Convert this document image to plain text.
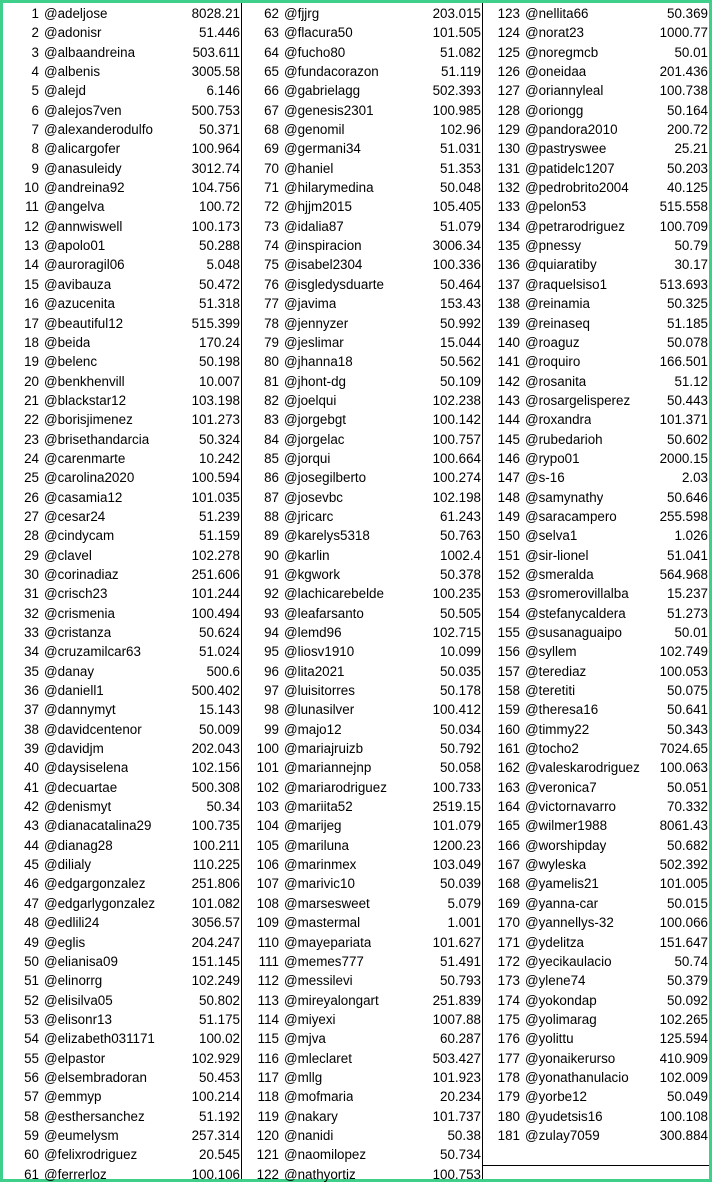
1 @adeljose	8028.21
2 @adonisr	51.446
3 @albaandreina	503.611
4 @albenis	3005.58
5 @alejd	6.146
6 @alejos7ven	500.753
7 @alexanderodulfo	50.371
8 @alicargofer	100.964
9 @anasuleidy	3012.74
10 @andreina92	104.756
11 @angelva	100.72
12 @annwiswell	100.173
13 @apolo01	50.288
14 @auroragil06	5.048
15 @avibauza	50.472
16 @azucenita	51.318
17 @beautiful12	515.399
18 @beida	170.24
19 @belenc	50.198
20 @benkhenvill	10.007
21 @blackstar12	103.198
22 @borisjimenez	101.273
23 @brisethandarcia	50.324
24 @carenmarte	10.242
25 @carolina2020	100.594
26 @casamia12	101.035
27 @cesar24	51.239
28 @cindycam	51.159
29 @clavel	102.278
30 @corinadiaz	251.606
31 @crisch23	101.244
32 @crismenia	100.494
33 @cristanza	50.624
34 @cruzamilcar63	51.024
35 @danay	500.6
36 @daniell1	500.402
37 @dannymyt	15.143
38 @davidcentenor	50.009
39 @davidjm	202.043
40 @daysiselena	102.156
41 @decuartae	500.308
42 @denismyt	50.34
43 @dianacatalina29	100.735
44 @dianag28	100.211
45 @dilialy	110.225
46 @edgargonzalez	251.806
47 @edgarlygonzalez	101.082
48 @edlili24	3056.57
49 @eglis	204.247
50 @elianisa09	151.145
51 @elinorrg	102.249
52 @elisilva05	50.802
53 @elisonr13	51.175
54 @elizabeth031171	100.02
55 @elpastor	102.929
56 @elsembradoran	50.453
57 @emmyp	100.214
58 @esthersanchez	51.192
59 @eumelysm	257.314
60 @felixrodriguez	20.545
61 @ferrerloz	100.106
62 @fjjrg	203.015
63 @flacura50	101.505
64 @fucho80	51.082
65 @fundacorazon	51.119
66 @gabrielagg	502.393
67 @genesis2301	100.985
68 @genomil	102.96
69 @germani34	51.031
70 @haniel	51.353
71 @hilarymedina	50.048
72 @hjjm2015	105.405
73 @idalia87	51.079
74 @inspiracion	3006.34
75 @isabel2304	100.336
76 @isgledysduarte	50.464
77 @javima	153.43
78 @jennyzer	50.992
79 @jeslimar	15.044
80 @jhanna18	50.562
81 @jhont-dg	50.109
82 @joelqui	102.238
83 @jorgebgt	100.142
84 @jorgelac	100.757
85 @jorqui	100.664
86 @josegilberto	100.274
87 @josevbc	102.198
88 @jricarc	61.243
89 @karelys5318	50.763
90 @karlin	1002.4
91 @kgwork	50.378
92 @lachicarebelde	100.235
93 @leafarsanto	50.505
94 @lemd96	102.715
95 @liosv1910	10.099
96 @lita2021	50.035
97 @luisitorres	50.178
98 @lunasilver	100.412
99 @majo12	50.034
100 @mariajruizb	50.792
101 @mariannejnp	50.058
102 @mariarodriguez	100.733
103 @mariita52	2519.15
104 @marijeg	101.079
105 @mariluna	1200.23
106 @marinmex	103.049
107 @marivic10	50.039
108 @marsesweet	5.079
109 @mastermal	1.001
110 @mayepariata	101.627
111 @memes777	51.491
112 @messilevi	50.793
113 @mireyalongart	251.839
114 @miyexi	1007.88
115 @mjva	60.287
116 @mleclaret	503.427
117 @mllg	101.923
118 @mofmaria	20.234
119 @nakary	101.737
120 @nanidi	50.38
121 @naomilopez	50.734
122 @nathyortiz	100.753
123 @nellita66	50.369
124 @norat23	1000.77
125 @noregmcb	50.01
126 @oneidaa	201.436
127 @oriannyleal	100.738
128 @oriongg	50.164
129 @pandora2010	200.72
130 @pastryswee	25.21
131 @patidelc1207	50.203
132 @pedrobrito2004	40.125
133 @pelon53	515.558
134 @petrarodriguez	100.709
135 @pnessy	50.79
136 @quiaratiby	30.17
137 @raquelsiso1	513.693
138 @reinamia	50.325
139 @reinaseq	51.185
140 @roaguz	50.078
141 @roquiro	166.501
142 @rosanita	51.12
143 @rosargelisperez	50.443
144 @roxandra	101.371
145 @rubedarioh	50.602
146 @rypo01	2000.15
147 @s-16	2.03
148 @samynathy	50.646
149 @saracampero	255.598
150 @selva1	1.026
151 @sir-lionel	51.041
152 @smeralda	564.968
153 @sromerovillalba	15.237
154 @stefanycaldera	51.273
155 @susanaguaipo	50.01
156 @syllem	102.749
157 @terediaz	100.053
158 @teretiti	50.075
159 @theresa16	50.641
160 @timmy22	50.343
161 @tocho2	7024.65
162 @valeskarodriguez 100.063
163 @veronica7	50.051
164 @victornavarro	70.332
165 @wilmer1988	8061.43
166 @worshipday	50.682
167 @wyleska	502.392
168 @yamelis21	101.005
169 @yanna-car	50.015
170 @yannellys-32	100.066
171 @ydelitza	151.647
172 @yecikaulacio	50.74
173 @ylene74	50.379
174 @yokondap	50.092
175 @yolimarag	102.265
176 @yolittu	125.594
177 @yonaikerurso	410.909
178 @yonathanulacio 102.009
179 @yorbe12	50.049
180 @yudetsis16	100.108
181 @zulay7059	300.884
